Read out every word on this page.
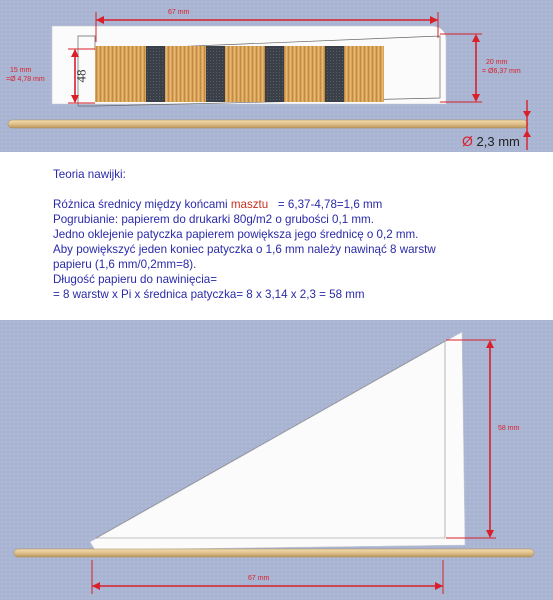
67 mm
15 mm
=Ø 4,78 mm
20 mm
= Ø6,37 mm
48
Ø 2,3 mm
Teoria nawijki:
Różnica średnicy między końcami masztu = 6,37-4,78=1,6 mm
Pogrubianie: papierem do drukarki 80g/m2 o grubości 0,1 mm.
Jedno oklejenie patyczka papierem powiększa jego średnicę o 0,2 mm.
Aby powiększyć jeden koniec patyczka o 1,6 mm należy nawinąć 8 warstw
papieru (1,6 mm/0,2mm=8).
Długość papieru do nawinięcia=
= 8 warstw x Pi x średnica patyczka= 8 x 3,14 x 2,3 = 58 mm
58 mm
67 mm
